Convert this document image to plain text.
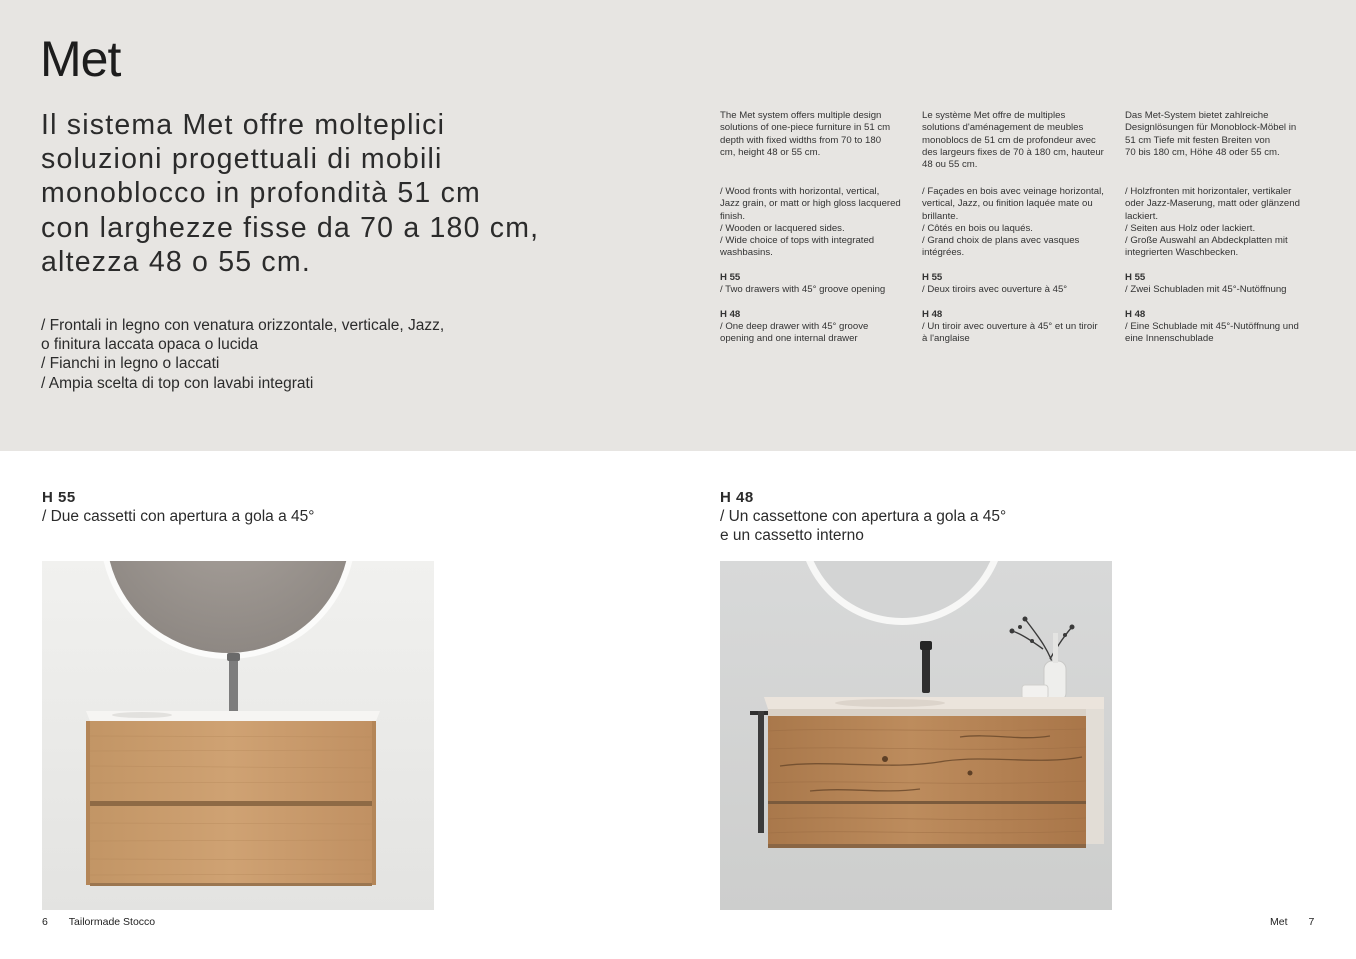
Met
Il sistema Met offre molteplici
soluzioni progettuali di mobili
monoblocco in profondità 51 cm
con larghezze fisse da 70 a 180 cm,
altezza 48 o 55 cm.
/ Frontali in legno con venatura orizzontale, verticale, Jazz,
o finitura laccata opaca o lucida
/ Fianchi in legno o laccati
/ Ampia scelta di top con lavabi integrati
The Met system offers multiple design
solutions of one-piece furniture in 51 cm
depth with fixed widths from 70 to 180
cm, height 48 or 55 cm.
/ Wood fronts with horizontal, vertical,
Jazz grain, or matt or high gloss lacquered
finish.
/ Wooden or lacquered sides.
/ Wide choice of tops with integrated
washbasins.
H 55
/ Two drawers with 45° groove opening
H 48
/ One deep drawer with 45° groove
opening and one internal drawer
Le système Met offre de multiples
solutions d'aménagement de meubles
monoblocs de 51 cm de profondeur avec
des largeurs fixes de 70 à 180 cm, hauteur
48 ou 55 cm.
/ Façades en bois avec veinage horizontal,
vertical, Jazz, ou finition laquée mate ou
brillante.
/ Côtés en bois ou laqués.
/ Grand choix de plans avec vasques
intégrées.
H 55
/ Deux tiroirs avec ouverture à 45°
H 48
/ Un tiroir avec ouverture à 45° et un tiroir
à l'anglaise
Das Met-System bietet zahlreiche
Designlösungen für Monoblock-Möbel in
51 cm Tiefe mit festen Breiten von
70 bis 180 cm, Höhe 48 oder 55 cm.
/ Holzfronten mit horizontaler, vertikaler
oder Jazz-Maserung, matt oder glänzend
lackiert.
/ Seiten aus Holz oder lackiert.
/ Große Auswahl an Abdeckplatten mit
integrierten Waschbecken.
H 55
/ Zwei Schubladen mit 45°-Nutöffnung
H 48
/ Eine Schublade mit 45°-Nutöffnung und
eine Innenschublade
H 55
/ Due cassetti con apertura a gola a 45°
H 48
/ Un cassettone con apertura a gola a 45°
e un cassetto interno
6 Tailormade Stocco	Met 7
